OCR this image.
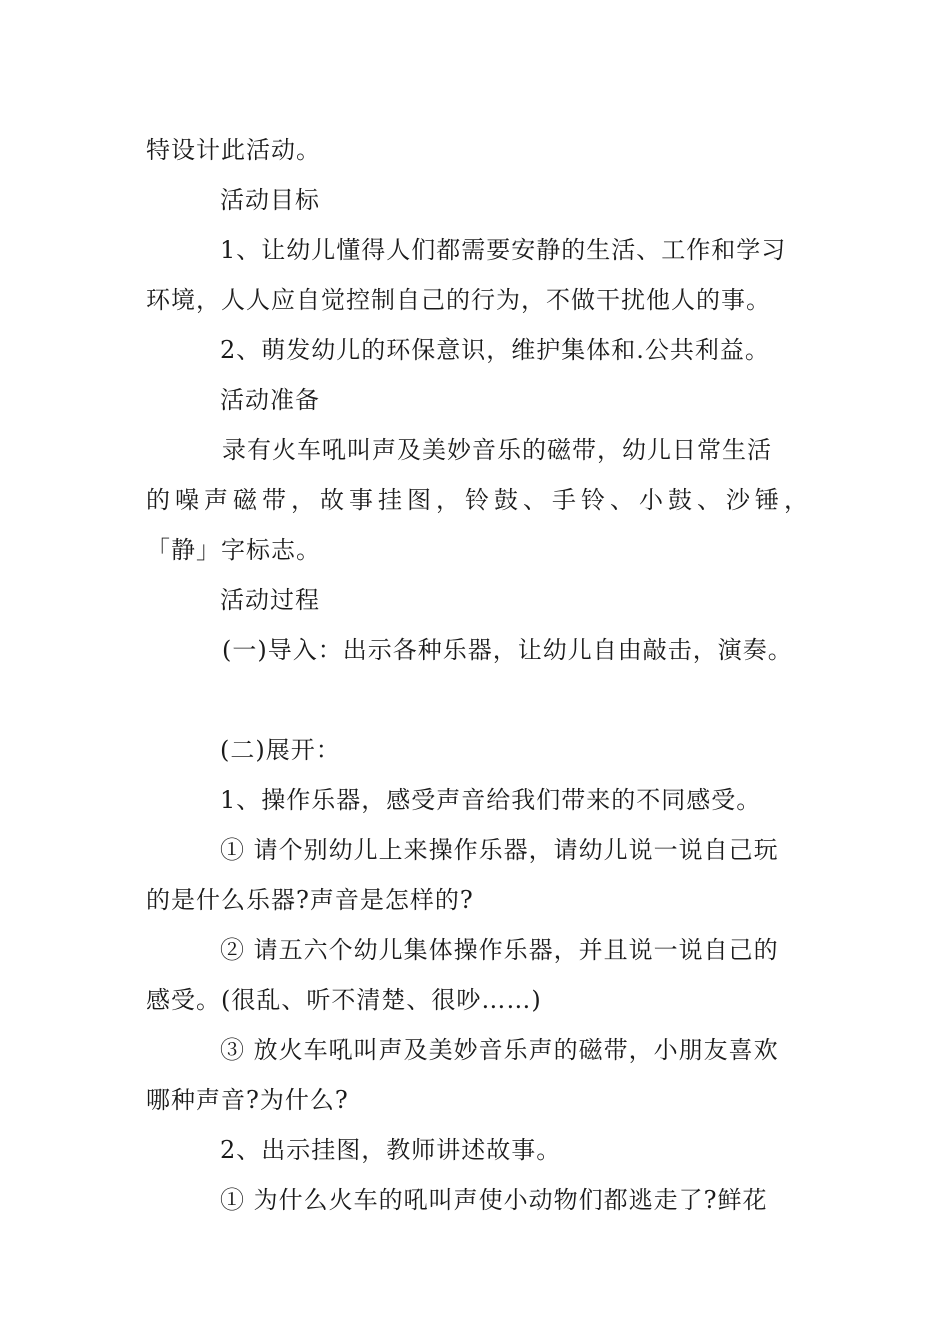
特设计此活动。
活动目标
1、让幼儿懂得人们都需要安静的生活、工作和学习
环境，人人应自觉控制自己的行为，不做干扰他人的事。
2、萌发幼儿的环保意识，维护集体和.公共利益。
活动准备
录有火车吼叫声及美妙音乐的磁带，幼儿日常生活
的噪声磁带，故事挂图，铃鼓、手铃、小鼓、沙锤，
「静」字标志。
活动过程
(一)导入：出示各种乐器，让幼儿自由敲击，演奏。
(二)展开：
1、操作乐器，感受声音给我们带来的不同感受。
① 请个别幼儿上来操作乐器，请幼儿说一说自己玩
的是什么乐器?声音是怎样的?
② 请五六个幼儿集体操作乐器，并且说一说自己的
感受。(很乱、听不清楚、很吵……)
③ 放火车吼叫声及美妙音乐声的磁带，小朋友喜欢
哪种声音?为什么?
2、出示挂图，教师讲述故事。
① 为什么火车的吼叫声使小动物们都逃走了?鲜花
